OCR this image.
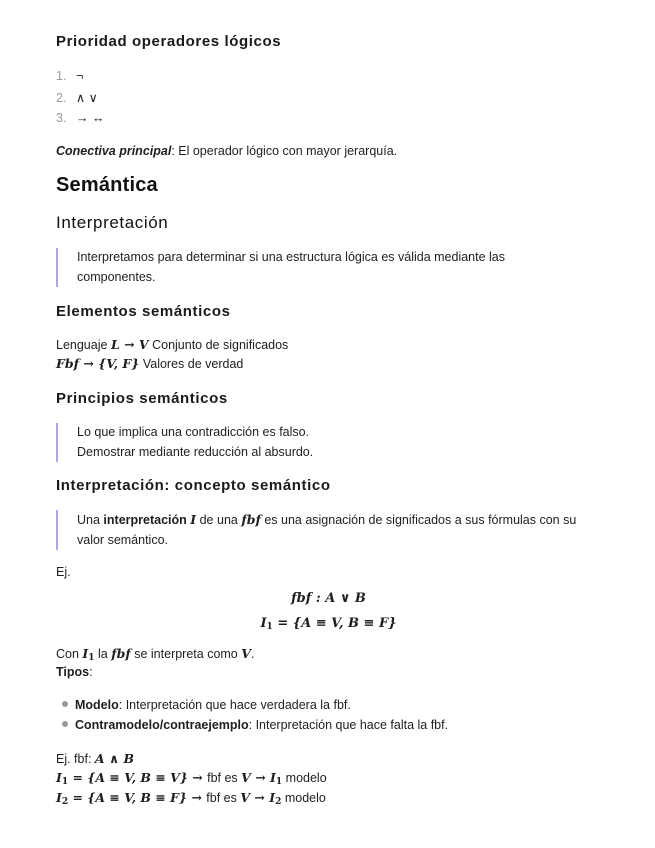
Prioridad operadores lógicos
1. ¬
2. ∧ ∨
3. → ↔
Conectiva principal: El operador lógico con mayor jerarquía.
Semántica
Interpretación
Interpretamos para determinar si una estructura lógica es válida mediante las componentes.
Elementos semánticos
Lenguaje L → V Conjunto de significados
Fbf → {V, F} Valores de verdad
Principios semánticos
Lo que implica una contradicción es falso.
Demostrar mediante reducción al absurdo.
Interpretación: concepto semántico
Una interpretación I de una fbf es una asignación de significados a sus fórmulas con su
valor semántico.
Ej.
fbf : A ∨ B
I1 = {A ≡ V, B ≡ F}
Con I1 la fbf se interpreta como V.
Tipos:
Modelo: Interpretación que hace verdadera la fbf.
Contramodelo/contraejemplo: Interpretación que hace falta la fbf.
Ej. fbf: A ∧ B
I1 = {A ≡ V, B ≡ V} → fbf es V → I1 modelo
I2 = {A ≡ V, B ≡ F} → fbf es V → I2 modelo
